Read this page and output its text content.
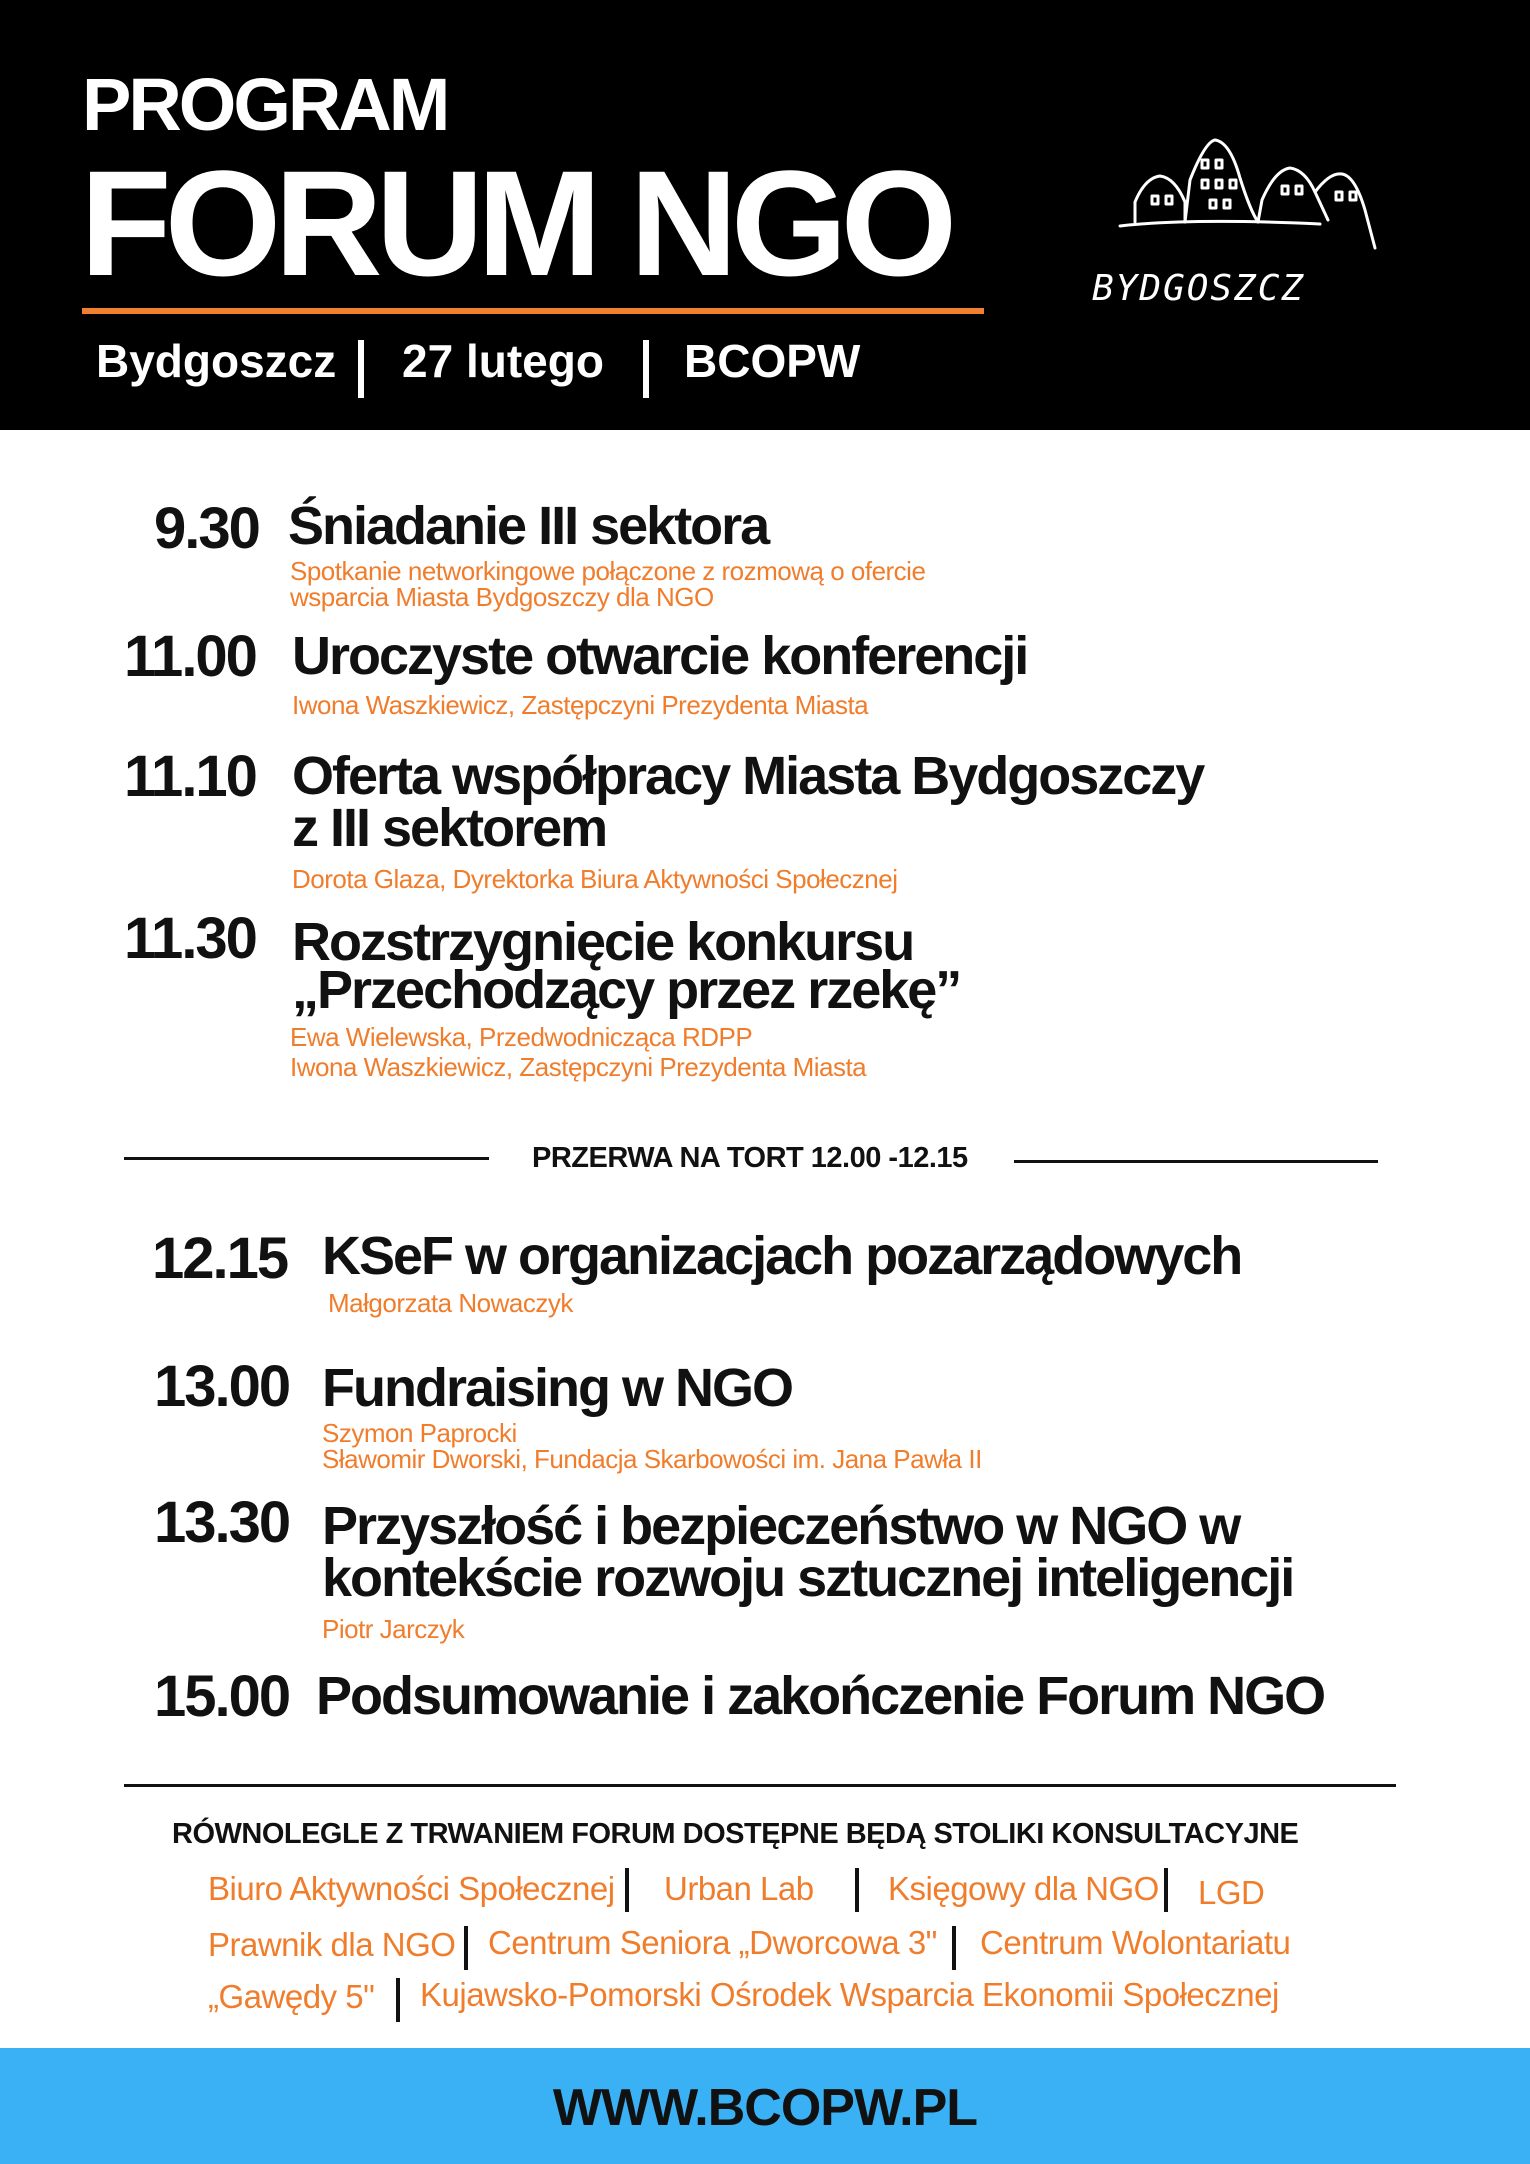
PROGRAM
FORUM NGO
Bydgoszcz 27 lutego BCOPW
BYDGOSZCZ
9.30 Śniadanie III sektora
Spotkanie networkingowe połączone z rozmową o ofercie
wsparcia Miasta Bydgoszczy dla NGO
11.00 Uroczyste otwarcie konferencji
Iwona Waszkiewicz, Zastępczyni Prezydenta Miasta
11.10 Oferta współpracy Miasta Bydgoszczy
z III sektorem
Dorota Glaza, Dyrektorka Biura Aktywności Społecznej
11.30 Rozstrzygnięcie konkursu
„Przechodzący przez rzekę”
Ewa Wielewska, Przedwodnicząca RDPP
Iwona Waszkiewicz, Zastępczyni Prezydenta Miasta
PRZERWA NA TORT 12.00 -12.15
12.15 KSeF w organizacjach pozarządowych
Małgorzata Nowaczyk
13.00 Fundraising w NGO
Szymon Paprocki
Sławomir Dworski, Fundacja Skarbowości im. Jana Pawła II
13.30 Przyszłość i bezpieczeństwo w NGO w
kontekście rozwoju sztucznej inteligencji
Piotr Jarczyk
15.00 Podsumowanie i zakończenie Forum NGO
RÓWNOLEGLE Z TRWANIEM FORUM DOSTĘPNE BĘDĄ STOLIKI KONSULTACYJNE
Biuro Aktywności Społecznej Urban Lab Księgowy dla NGO LGD
Prawnik dla NGO Centrum Seniora „Dworcowa 3" Centrum Wolontariatu
„Gawędy 5" Kujawsko-Pomorski Ośrodek Wsparcia Ekonomii Społecznej
WWW.BCOPW.PL
